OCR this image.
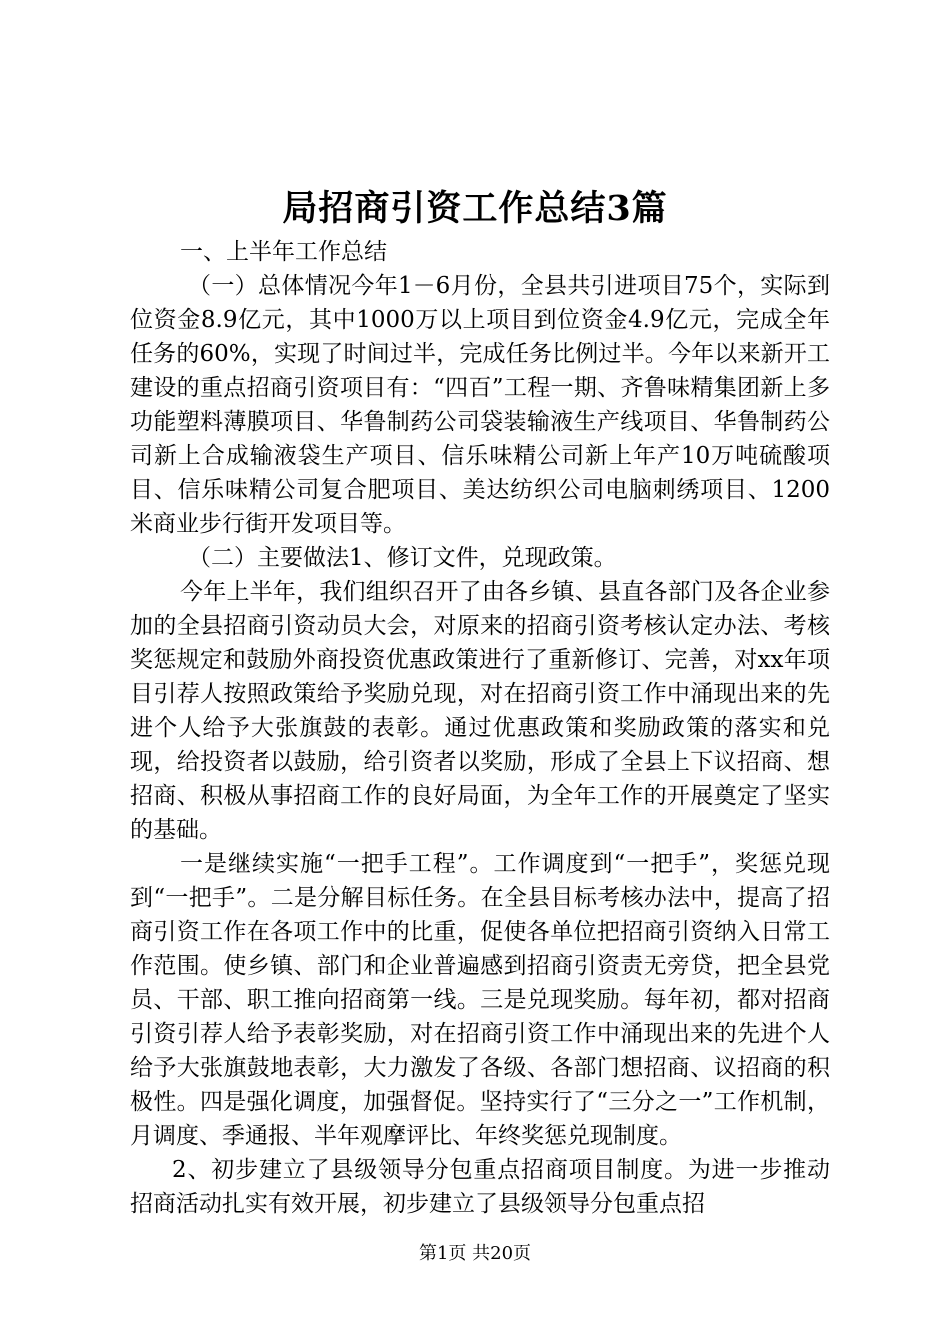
局招商引资工作总结3篇

一、上半年工作总结

（一）总体情况今年1－6月份，全县共引进项目75个，实际到位资金8.9亿元，其中1000万以上项目到位资金4.9亿元，完成全年任务的60%，实现了时间过半，完成任务比例过半。今年以来新开工建设的重点招商引资项目有：“四百”工程一期、齐鲁味精集团新上多功能塑料薄膜项目、华鲁制药公司袋装输液生产线项目、华鲁制药公司新上合成输液袋生产项目、信乐味精公司新上年产10万吨硫酸项目、信乐味精公司复合肥项目、美达纺织公司电脑刺绣项目、1200米商业步行街开发项目等。

（二）主要做法1、修订文件，兑现政策。

今年上半年，我们组织召开了由各乡镇、县直各部门及各企业参加的全县招商引资动员大会，对原来的招商引资考核认定办法、考核奖惩规定和鼓励外商投资优惠政策进行了重新修订、完善，对xx年项目引荐人按照政策给予奖励兑现，对在招商引资工作中涌现出来的先进个人给予大张旗鼓的表彰。通过优惠政策和奖励政策的落实和兑现，给投资者以鼓励，给引资者以奖励，形成了全县上下议招商、想招商、积极从事招商工作的良好局面，为全年工作的开展奠定了坚实的基础。

一是继续实施“一把手工程”。工作调度到“一把手”，奖惩兑现到“一把手”。二是分解目标任务。在全县目标考核办法中，提高了招商引资工作在各项工作中的比重，促使各单位把招商引资纳入日常工作范围。使乡镇、部门和企业普遍感到招商引资责无旁贷，把全县党员、干部、职工推向招商第一线。三是兑现奖励。每年初，都对招商引资引荐人给予表彰奖励，对在招商引资工作中涌现出来的先进个人给予大张旗鼓地表彰，大力激发了各级、各部门想招商、议招商的积极性。四是强化调度，加强督促。坚持实行了“三分之一”工作机制，月调度、季通报、半年观摩评比、年终奖惩兑现制度。

2、初步建立了县级领导分包重点招商项目制度。为进一步推动招商活动扎实有效开展，初步建立了县级领导分包重点招

第1页 共20页
